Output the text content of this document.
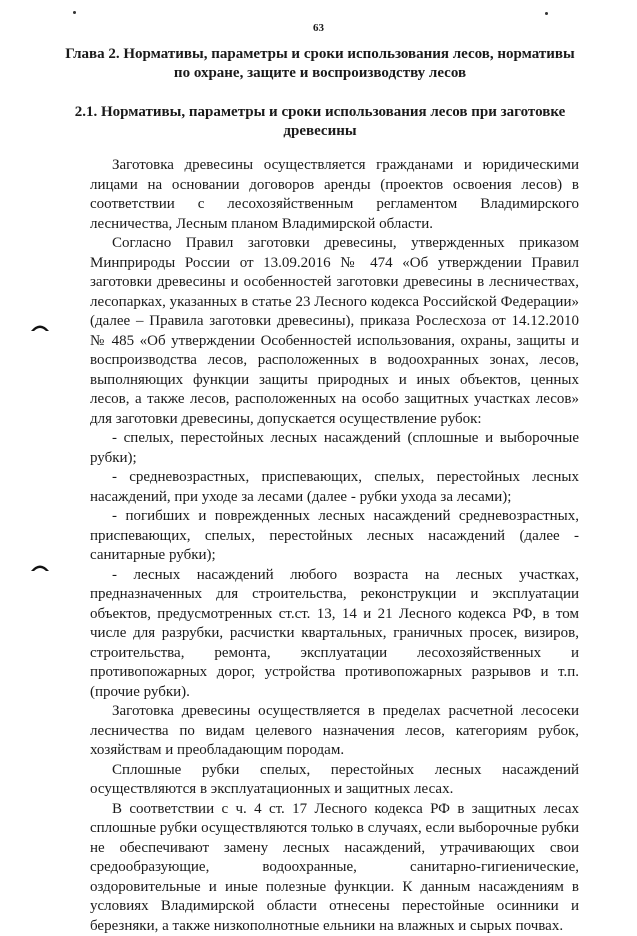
63
Глава 2. Нормативы, параметры и сроки использования лесов, нормативы по охране, защите и воспроизводству лесов
2.1. Нормативы, параметры и сроки использования лесов при заготовке древесины

Заготовка древесины осуществляется гражданами и юридическими лицами на основании договоров аренды (проектов освоения лесов) в соответствии с лесохозяйственным регламентом Владимирского лесничества, Лесным планом Владимирской области.

Согласно Правил заготовки древесины, утвержденных приказом Минприроды России от 13.09.2016 № 474 «Об утверждении Правил заготовки древесины и особенностей заготовки древесины в лесничествах, лесопарках, указанных в статье 23 Лесного кодекса Российской Федерации» (далее – Правила заготовки древесины), приказа Рослесхоза от 14.12.2010 № 485 «Об утверждении Особенностей использования, охраны, защиты и воспроизводства лесов, расположенных в водоохранных зонах, лесов, выполняющих функции защиты природных и иных объектов, ценных лесов, а также лесов, расположенных на особо защитных участках лесов» для заготовки древесины, допускается осуществление рубок:

- спелых, перестойных лесных насаждений (сплошные и выборочные рубки);

- средневозрастных, приспевающих, спелых, перестойных лесных насаждений, при уходе за лесами (далее - рубки ухода за лесами);

- погибших и поврежденных лесных насаждений средневозрастных, приспевающих, спелых, перестойных лесных насаждений (далее - санитарные рубки);

- лесных насаждений любого возраста на лесных участках, предназначенных для строительства, реконструкции и эксплуатации объектов, предусмотренных ст.ст. 13, 14 и 21 Лесного кодекса РФ, в том числе для разрубки, расчистки квартальных, граничных просек, визиров, строительства, ремонта, эксплуатации лесохозяйственных и противопожарных дорог, устройства противопожарных разрывов и т.п. (прочие рубки).

Заготовка древесины осуществляется в пределах расчетной лесосеки лесничества по видам целевого назначения лесов, категориям рубок, хозяйствам и преобладающим породам.

Сплошные рубки спелых, перестойных лесных насаждений осуществляются в эксплуатационных и защитных лесах.

В соответствии с ч. 4 ст. 17 Лесного кодекса РФ в защитных лесах сплошные рубки осуществляются только в случаях, если выборочные рубки не обеспечивают замену лесных насаждений, утрачивающих свои средообразующие, водоохранные, санитарно-гигиенические, оздоровительные и иные полезные функции. К данным насаждениям в условиях Владимирской области отнесены перестойные осинники и березняки, а также низкополнотные ельники на влажных и сырых почвах.
